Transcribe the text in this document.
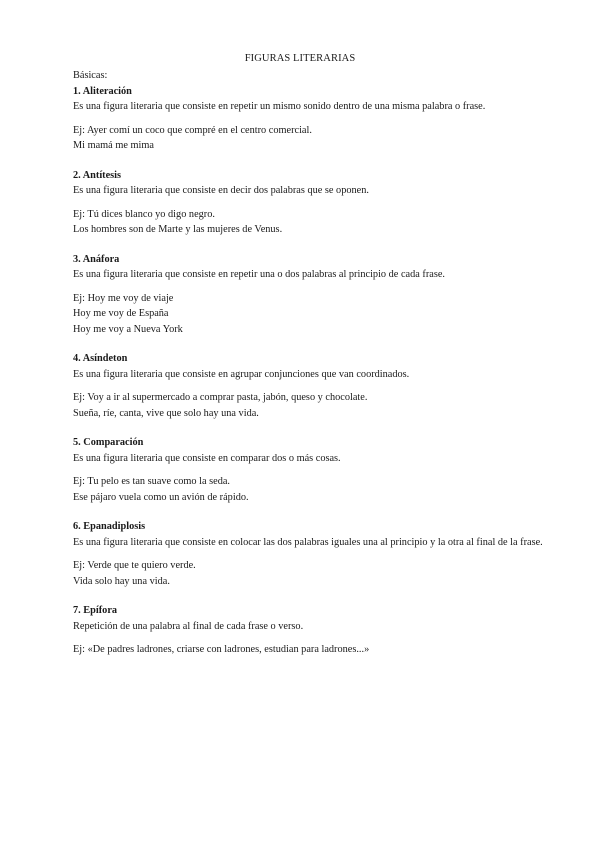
FIGURAS LITERARIAS

Básicas:

1. Aliteración

Es una figura literaria que consiste en repetir un mismo sonido dentro de una misma palabra o frase.

Ej: Ayer comí un coco que compré en el centro comercial.

Mi mamá me mima

2. Antítesis

Es una figura literaria que consiste en decir dos palabras que se oponen.

Ej: Tú dices blanco yo digo negro.

Los hombres son de Marte y las mujeres de Venus.

3. Anáfora

Es una figura literaria que consiste en repetir una o dos palabras al principio de cada frase.

Ej: Hoy me voy de viaje

Hoy me voy de España

Hoy me voy a Nueva York

4. Asíndeton

Es una figura literaria que consiste en agrupar conjunciones que van coordinados.

Ej: Voy a ir al supermercado a comprar pasta, jabón, queso y chocolate.

Sueña, ríe, canta, vive que solo hay una vida.

5. Comparación

Es una figura literaria que consiste en comparar dos o más cosas.

Ej: Tu pelo es tan suave como la seda.

Ese pájaro vuela como un avión de rápido.

6. Epanadiplosis

Es una figura literaria que consiste en colocar las dos palabras iguales una al principio y la otra al final de la frase.

Ej: Verde que te quiero verde.

Vida solo hay una vida.

7. Epífora

Repetición de una palabra al final de cada frase o verso.

Ej: «De padres ladrones, criarse con ladrones, estudian para ladrones...»
